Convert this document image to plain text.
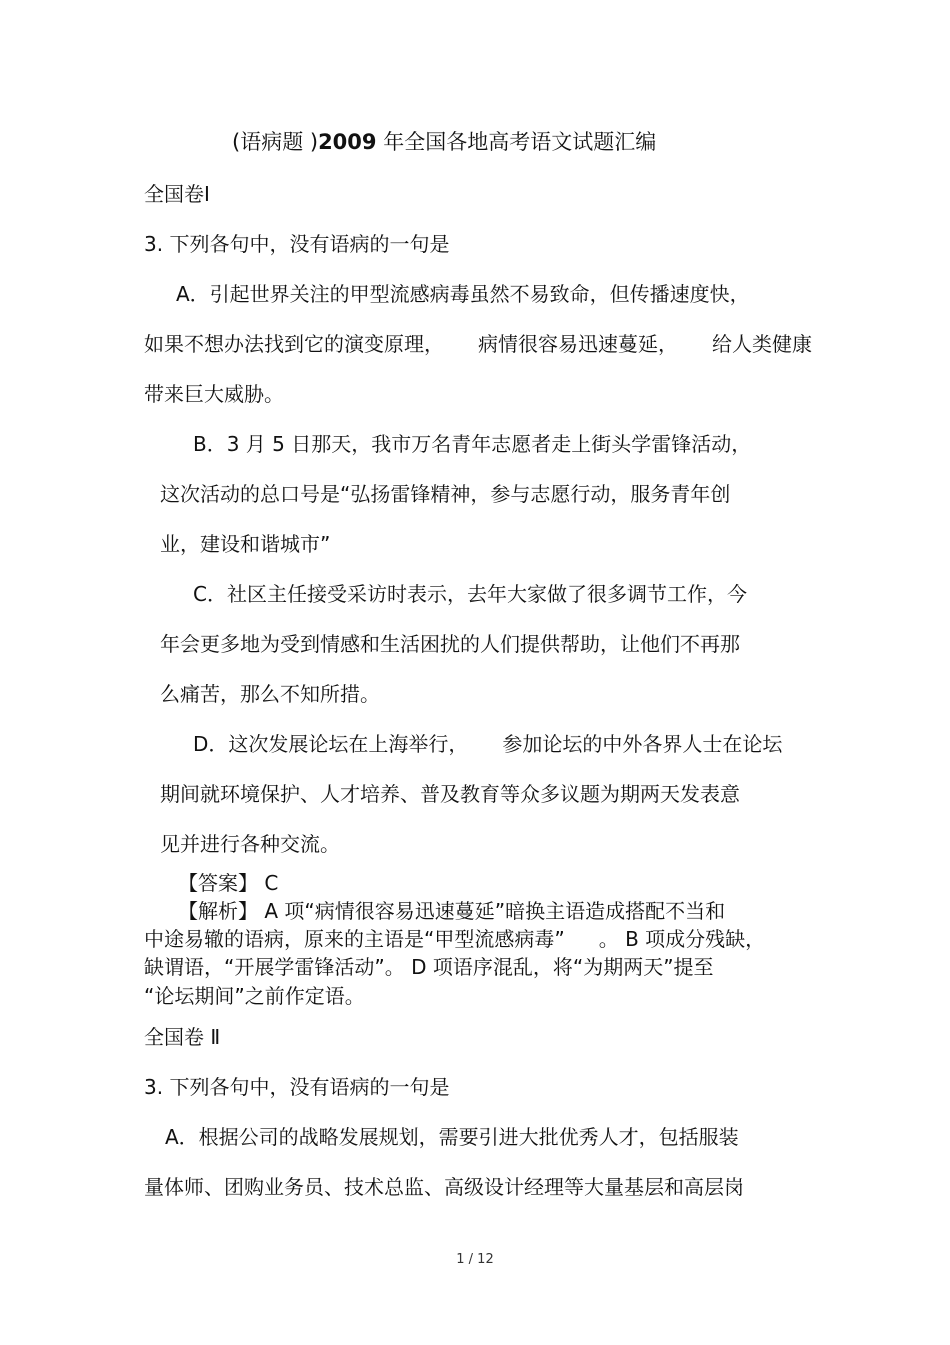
(语病题 )2009 年全国各地高考语文试题汇编
全国卷Ⅰ
3. 下列各句中，没有语病的一句是
A．引起世界关注的甲型流感病毒虽然不易致命，但传播速度快，
如果不想办法找到它的演变原理， 病情很容易迅速蔓延， 给人类健康
带来巨大威胁。
B．3 月 5 日那天，我市万名青年志愿者走上街头学雷锋活动，
这次活动的总口号是“弘扬雷锋精神，参与志愿行动，服务青年创
业，建设和谐城市”
C．社区主任接受采访时表示，去年大家做了很多调节工作，今
年会更多地为受到情感和生活困扰的人们提供帮助，让他们不再那
么痛苦，那么不知所措。
D．这次发展论坛在上海举行， 参加论坛的中外各界人士在论坛
期间就环境保护、人才培养、普及教育等众多议题为期两天发表意
见并进行各种交流。
【答案】 C
【解析】 A 项“病情很容易迅速蔓延”暗换主语造成搭配不当和
中途易辙的语病，原来的主语是“甲型流感病毒” 。 B 项成分残缺，
缺谓语，“开展学雷锋活动”。 D 项语序混乱，将“为期两天”提至
“论坛期间”之前作定语。
全国卷 Ⅱ
3. 下列各句中，没有语病的一句是
A．根据公司的战略发展规划，需要引进大批优秀人才，包括服装
量体师、团购业务员、技术总监、高级设计经理等大量基层和高层岗
1 / 12
